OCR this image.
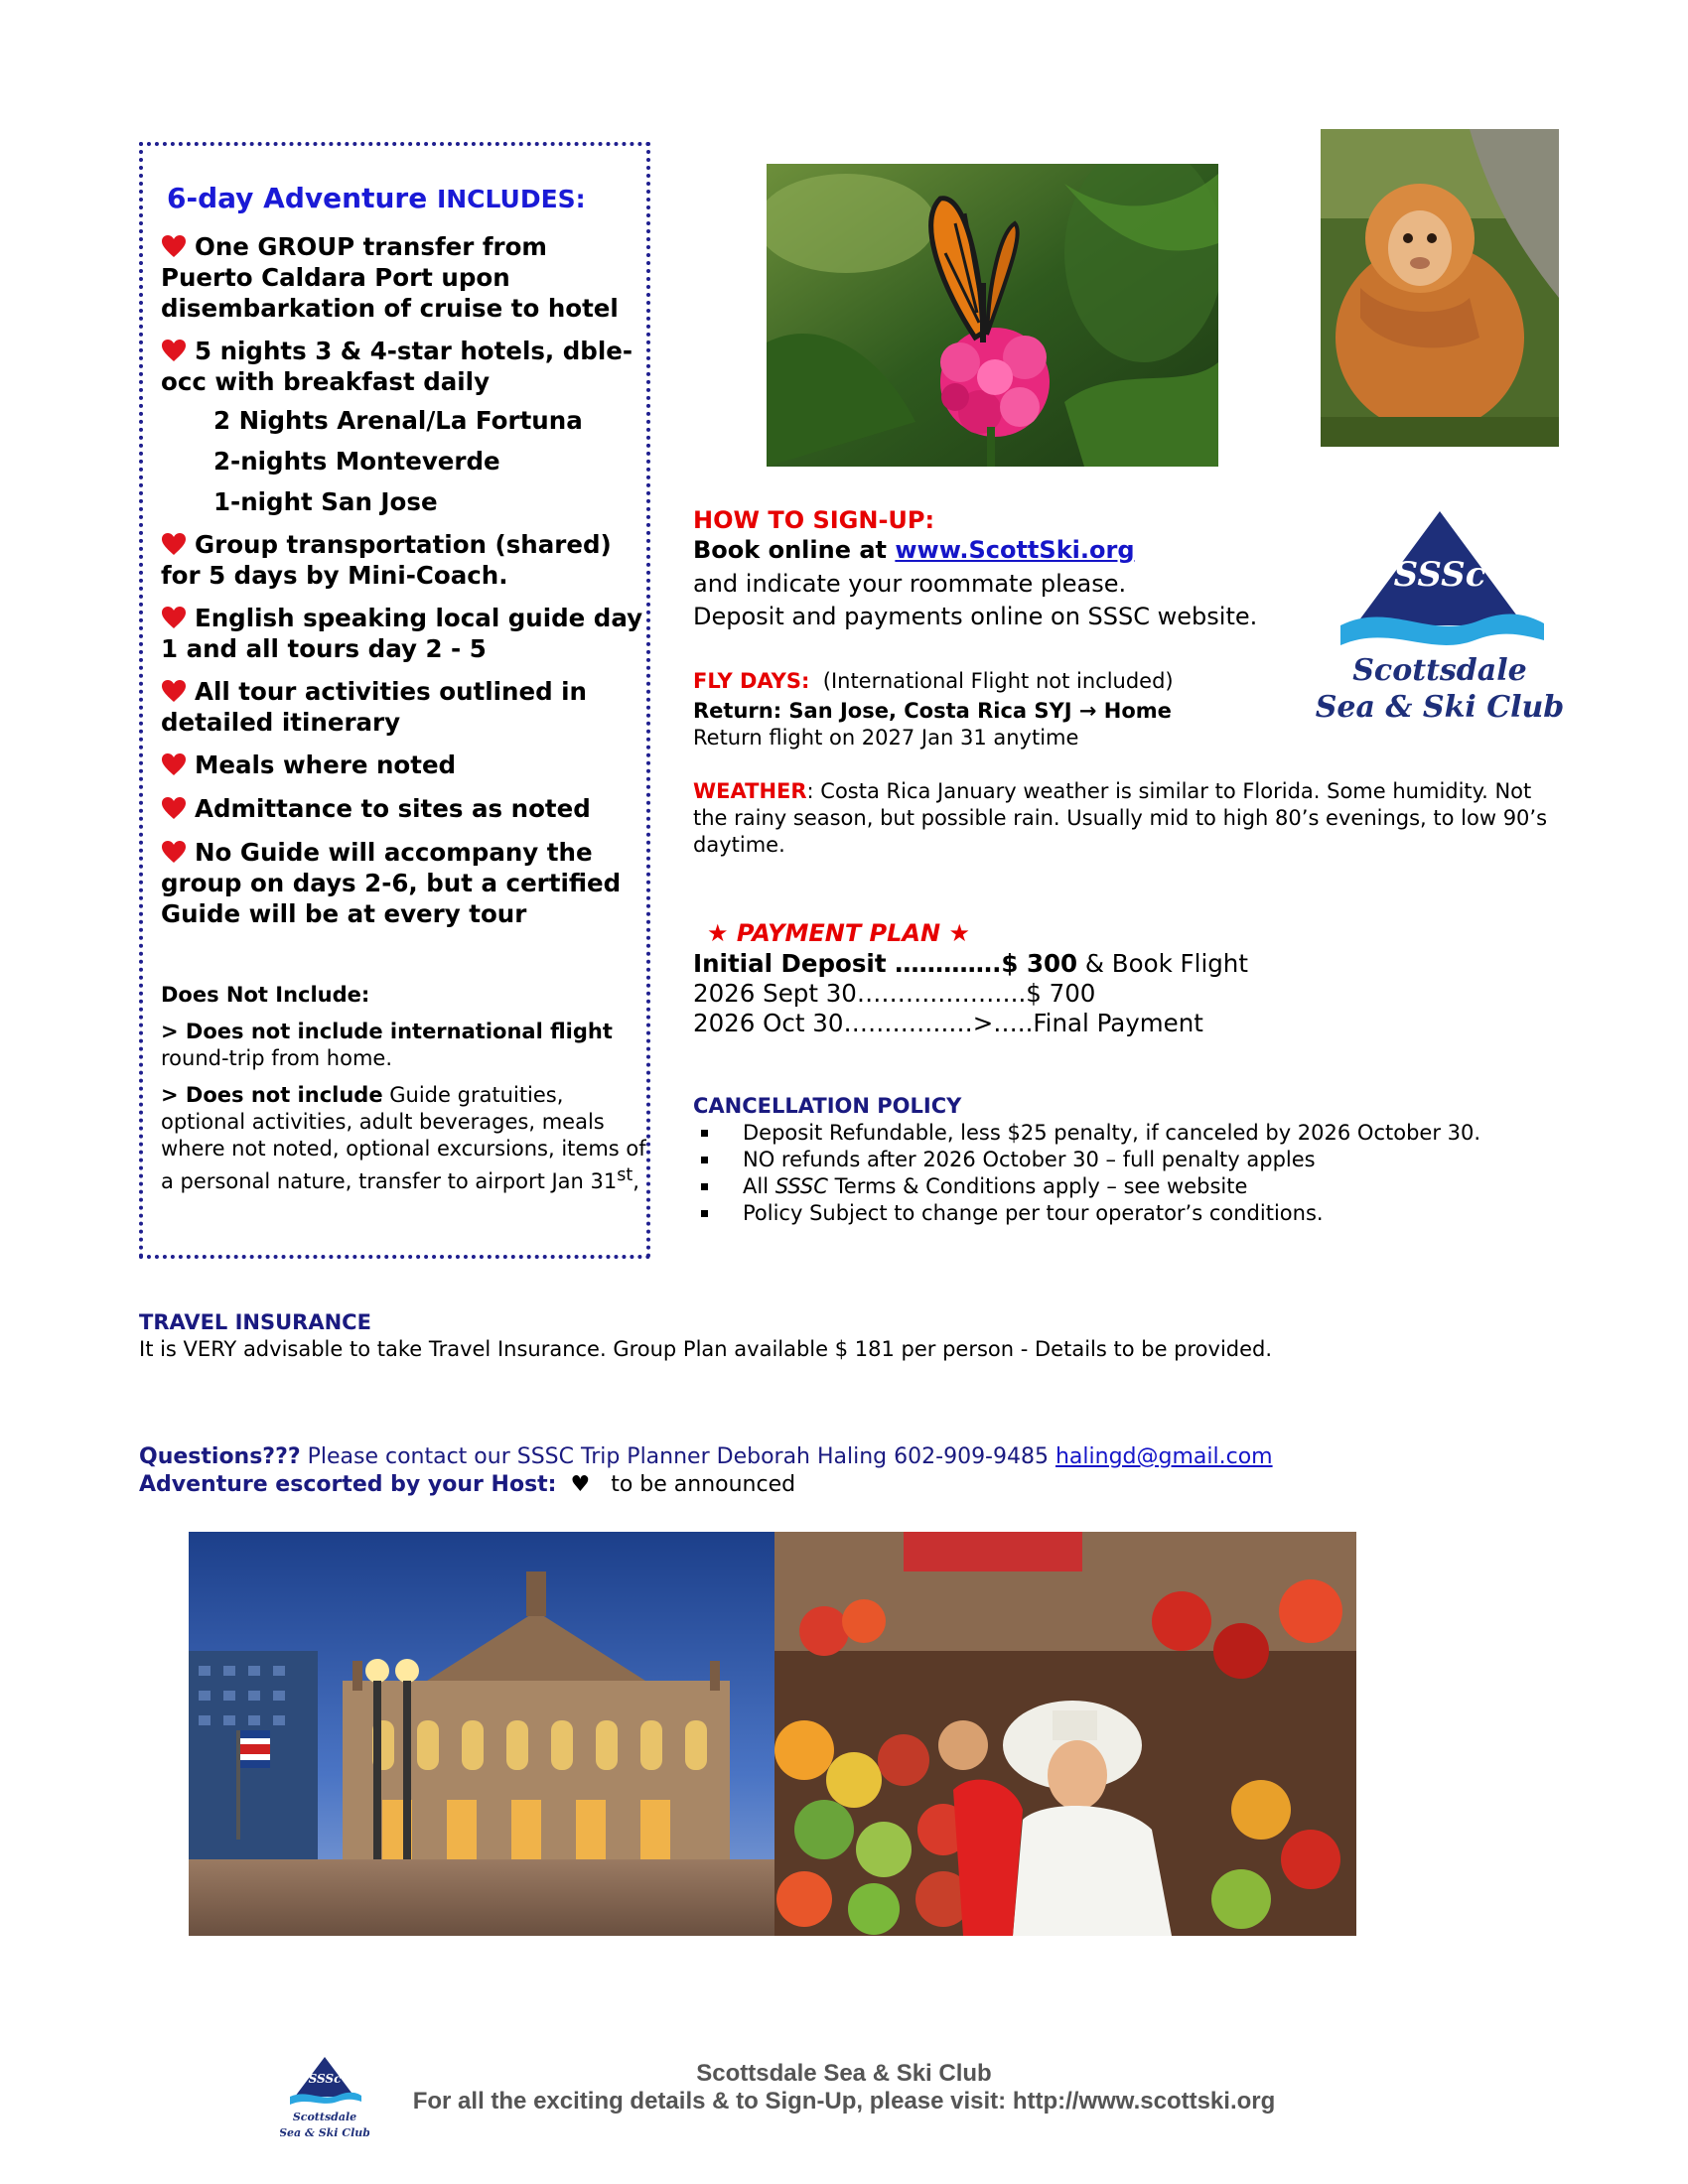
6-day Adventure INCLUDES:
One GROUP transfer from Puerto Caldara Port upon disembarkation of cruise to hotel
5 nights 3 & 4-star hotels, dble-occ with breakfast daily
2 Nights Arenal/La Fortuna
2-nights Monteverde
1-night San Jose
Group transportation (shared) for 5 days by Mini-Coach.
English speaking local guide day 1 and all tours day 2 - 5
All tour activities outlined in detailed itinerary
Meals where noted
Admittance to sites as noted
No Guide will accompany the group on days 2-6, but a certified Guide will be at every tour
Does Not Include:
> Does not include international flight
round-trip from home.
> Does not include Guide gratuities, optional activities, adult beverages, meals where not noted, optional excursions, items of a personal nature, transfer to airport Jan 31st,
SSSc
Scottsdale
Sea & Ski Club
HOW TO SIGN-UP:
Book online at www.ScottSki.org
and indicate your roommate please.
Deposit and payments online on SSSC website.
FLY DAYS: (International Flight not included)
Return: San Jose, Costa Rica SYJ → Home
Return flight on 2027 Jan 31 anytime
WEATHER: Costa Rica January weather is similar to Florida. Some humidity. Not the rainy season, but possible rain. Usually mid to high 80’s evenings, to low 90’s daytime.
★ PAYMENT PLAN ★
Initial Deposit ………….$ 300 & Book Flight
2026 Sept 30……….………..$ 700
2026 Oct 30………….…>…..Final Payment
CANCELLATION POLICY
Deposit Refundable, less $25 penalty, if canceled by 2026 October 30.
NO refunds after 2026 October 30 – full penalty apples
All SSSC Terms & Conditions apply – see website
Policy Subject to change per tour operator’s conditions.
TRAVEL INSURANCE
It is VERY advisable to take Travel Insurance. Group Plan available $ 181 per person - Details to be provided.
Questions??? Please contact our SSSC Trip Planner Deborah Haling 602-909-9485 halingd@gmail.com
Adventure escorted by your Host: ♥ to be announced
SSSc
Scottsdale
Sea & Ski Club
Scottsdale Sea & Ski Club
For all the exciting details & to Sign-Up, please visit: http://www.scottski.org
